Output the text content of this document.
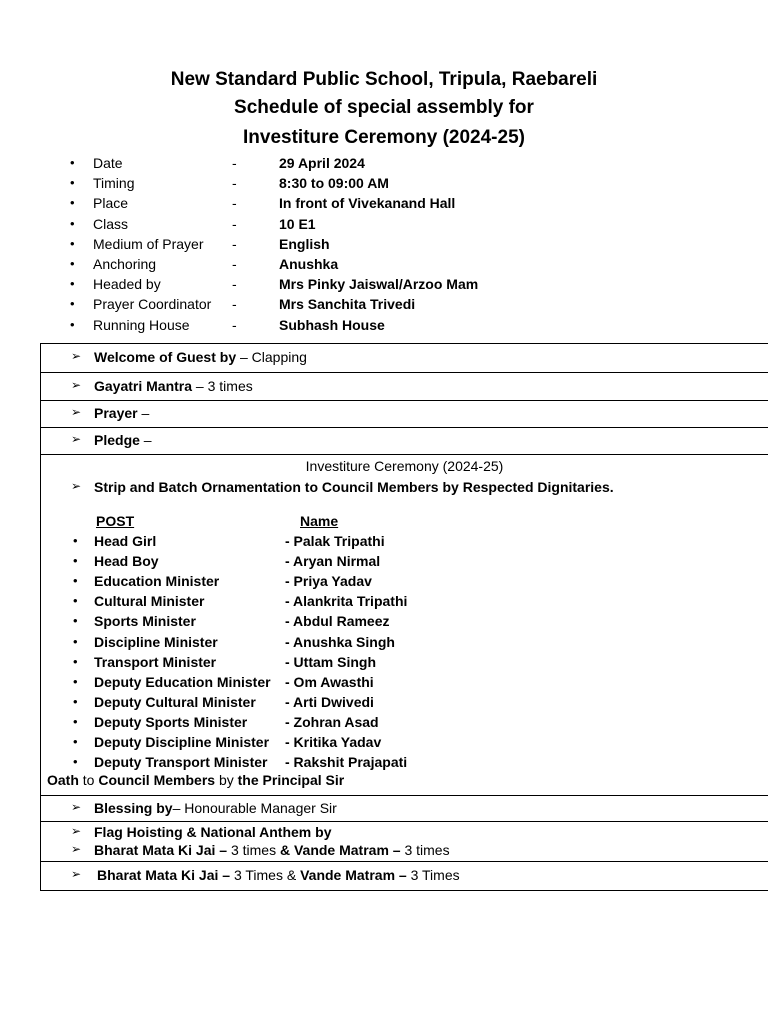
New Standard Public School, Tripula, Raebareli
Schedule of special assembly for
Investiture Ceremony (2024-25)
• Date	-	29 April 2024
• Timing	-	8:30 to 09:00 AM
• Place	-	In front of Vivekanand Hall
• Class	-	10 E1
• Medium of Prayer -	English
• Anchoring	-	Anushka
• Headed by	-	Mrs Pinky Jaiswal/Arzoo Mam
• Prayer Coordinator -	Mrs Sanchita Trivedi
• Running House	-	Subhash House
➢ Welcome of Guest by – Clapping
➢ Gayatri Mantra – 3 times
➢ Prayer –
➢ Pledge –
Investiture Ceremony (2024-25)
➢ Strip and Batch Ornamentation to Council Members by Respected Dignitaries.
POST	Name
• Head Girl	- Palak Tripathi
• Head Boy	- Aryan Nirmal
• Education Minister	- Priya Yadav
• Cultural Minister	- Alankrita Tripathi
• Sports Minister	- Abdul Rameez
• Discipline Minister	- Anushka Singh
• Transport Minister	- Uttam Singh
• Deputy Education Minister - Om Awasthi
• Deputy Cultural Minister - Arti Dwivedi
• Deputy Sports Minister	- Zohran Asad
• Deputy Discipline Minister - Kritika Yadav
• Deputy Transport Minister - Rakshit Prajapati
Oath to Council Members by the Principal Sir
➢ Blessing by– Honourable Manager Sir
➢ Flag Hoisting & National Anthem by
➢ Bharat Mata Ki Jai – 3 times & Vande Matram – 3 times
➢ Bharat Mata Ki Jai – 3 Times & Vande Matram – 3 Times
